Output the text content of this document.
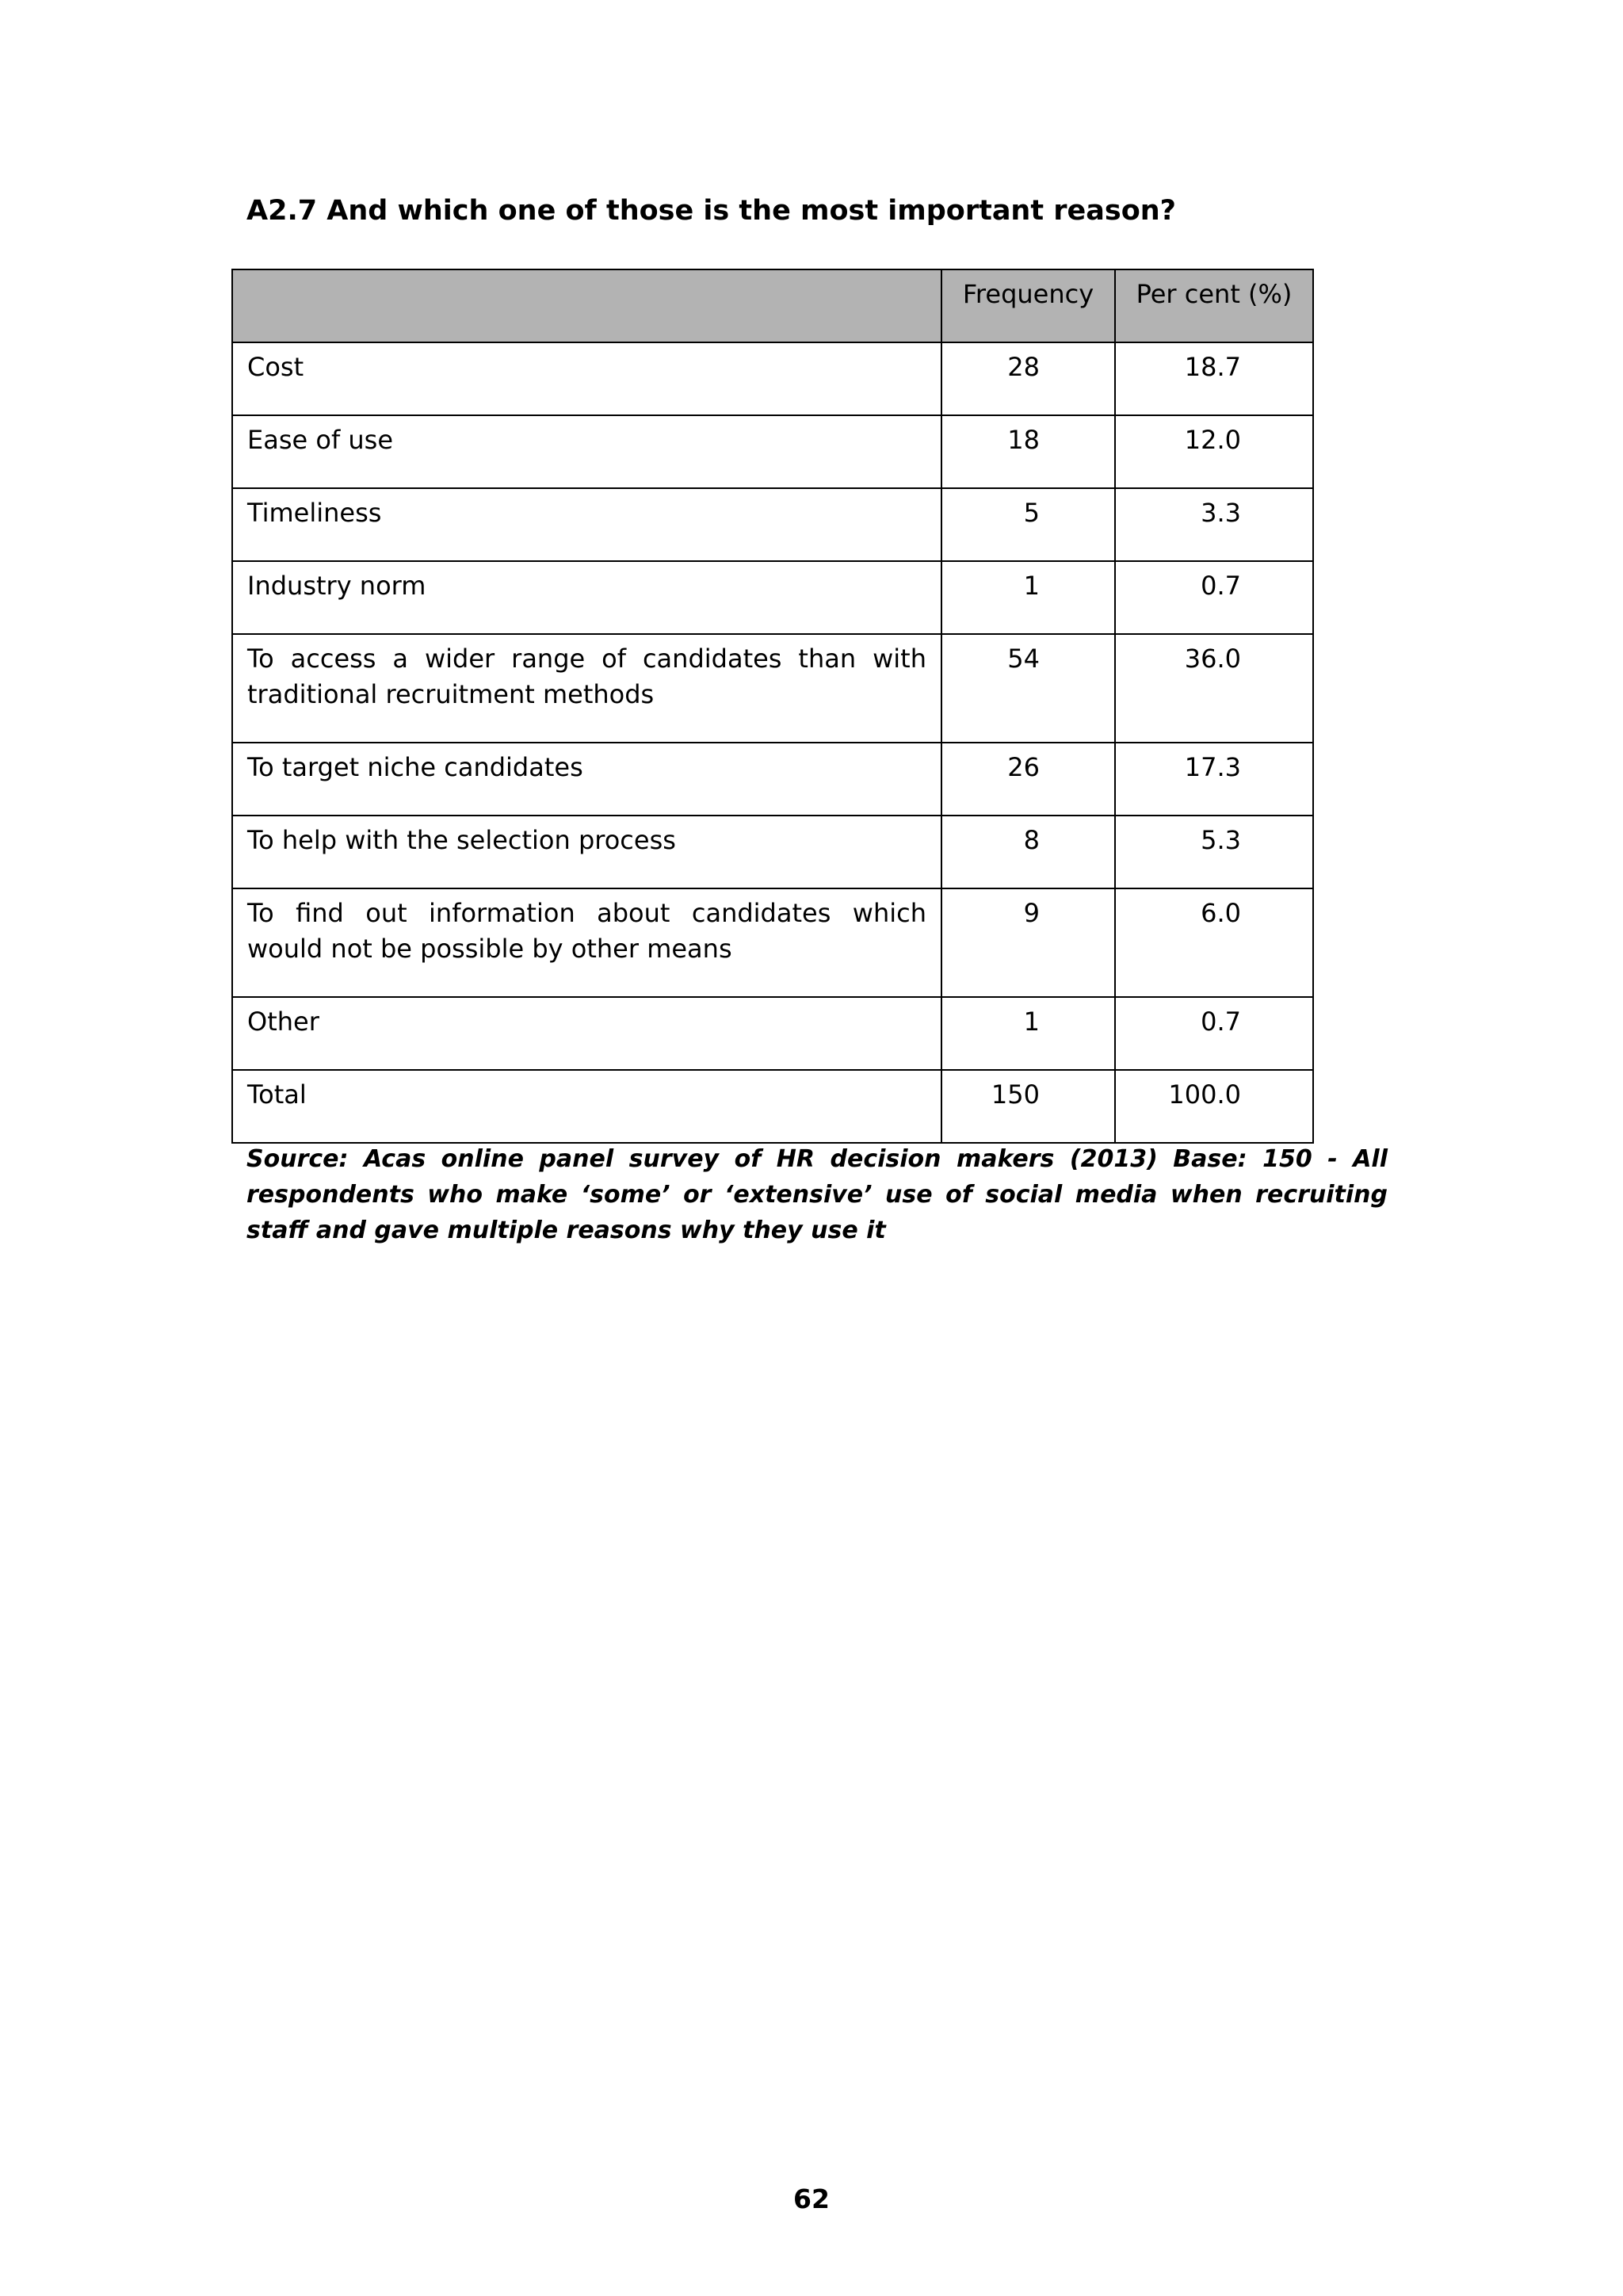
A2.7 And which one of those is the most important reason?
	Frequency	Per cent (%)
Cost	28	18.7
Ease of use	18	12.0
Timeliness	5	3.3
Industry norm	1	0.7
To access a wider range of candidates than with traditional recruitment methods	54	36.0
To target niche candidates	26	17.3
To help with the selection process	8	5.3
To find out information about candidates which would not be possible by other means	9	6.0
Other	1	0.7
Total	150	100.0

Source: Acas online panel survey of HR decision makers (2013) Base: 150 - All respondents who make ‘some’ or ‘extensive’ use of social media when recruiting staff and gave multiple reasons why they use it

62
